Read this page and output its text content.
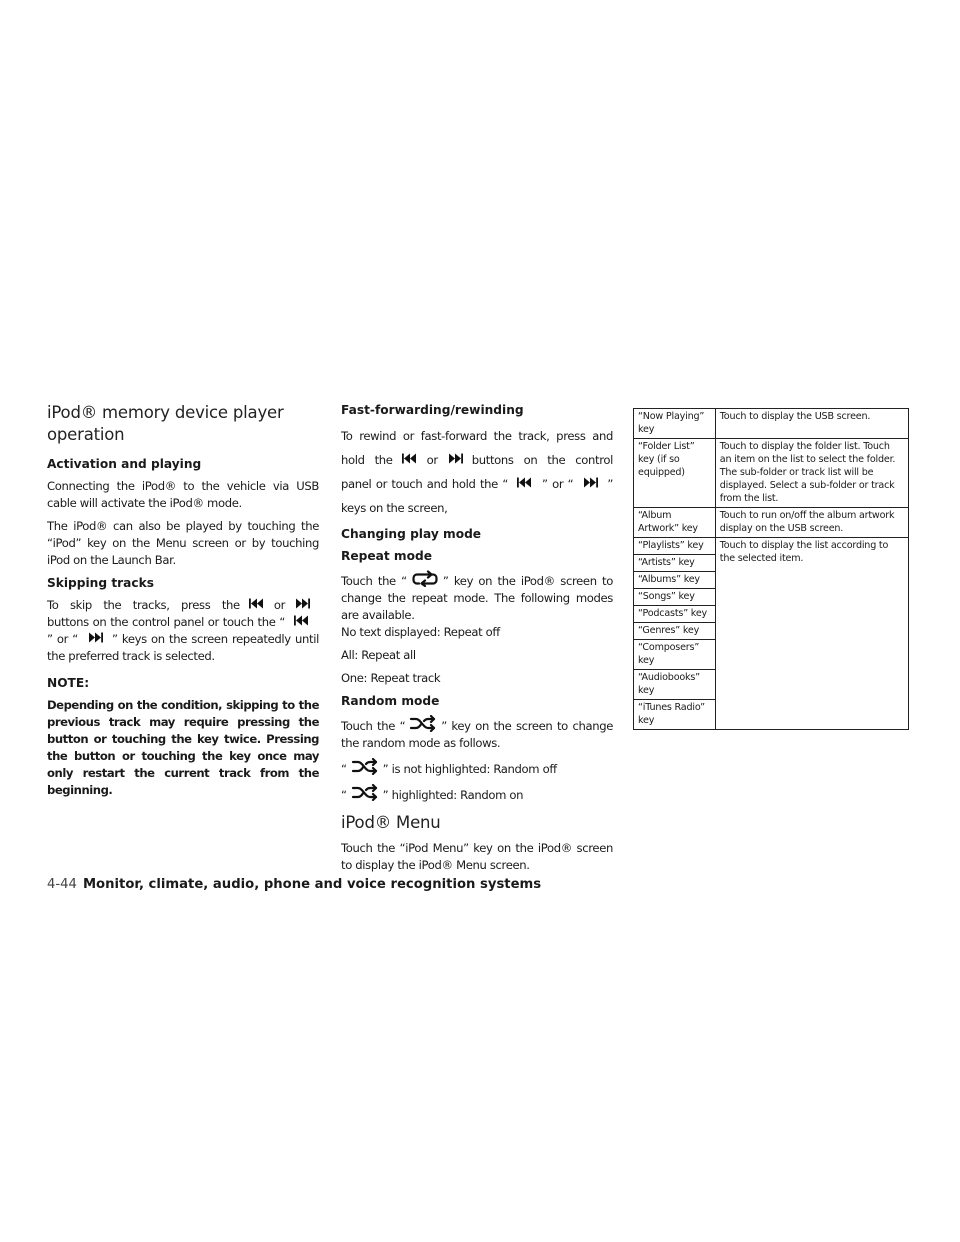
iPod® memory device player operation
Activation and playing
Connecting the iPod® to the vehicle via USB cable will activate the iPod® mode.
The iPod® can also be played by touching the “iPod” key on the Menu screen or by touching iPod on the Launch Bar.
Skipping tracks
To skip the tracks, press the	or
buttons on the control panel or touch the “
” or “	” keys on the screen repeatedly until the preferred track is selected.
NOTE:
Depending on the condition, skipping to the previous track may require pressing the button or touching the key twice. Pressing the button or touching the key once may only restart the current track from the beginning.
Fast-forwarding/rewinding
To rewind or fast-forward the track, press and hold the	or	buttons on the control panel or touch and hold the “	” or “	” keys on the screen,
Changing play mode
Repeat mode
Touch the “	” key on the iPod® screen to change the repeat mode. The following modes are available.
No text displayed: Repeat off
All: Repeat all
One: Repeat track
Random mode
Touch the “	” key on the screen to change the random mode as follows.
“	” is not highlighted: Random off
“	” highlighted: Random on
iPod® Menu
Touch the “iPod Menu” key on the iPod® screen to display the iPod® Menu screen.
“Now Playing” key	Touch to display the USB screen.
“Folder List” key (if so equipped)	Touch to display the folder list. Touch an item on the list to select the folder. The sub-folder or track list will be displayed. Select a sub-folder or track from the list.
“Album Artwork” key	Touch to run on/off the album artwork display on the USB screen.
“Playlists” key	Touch to display the list according to the selected item.
“Artists” key	
“Albums” key	
“Songs” key	
“Podcasts” key	
“Genres” key	
“Composers” key	
“Audiobooks” key	
“iTunes Radio” key	
4-44 Monitor, climate, audio, phone and voice recognition systems
